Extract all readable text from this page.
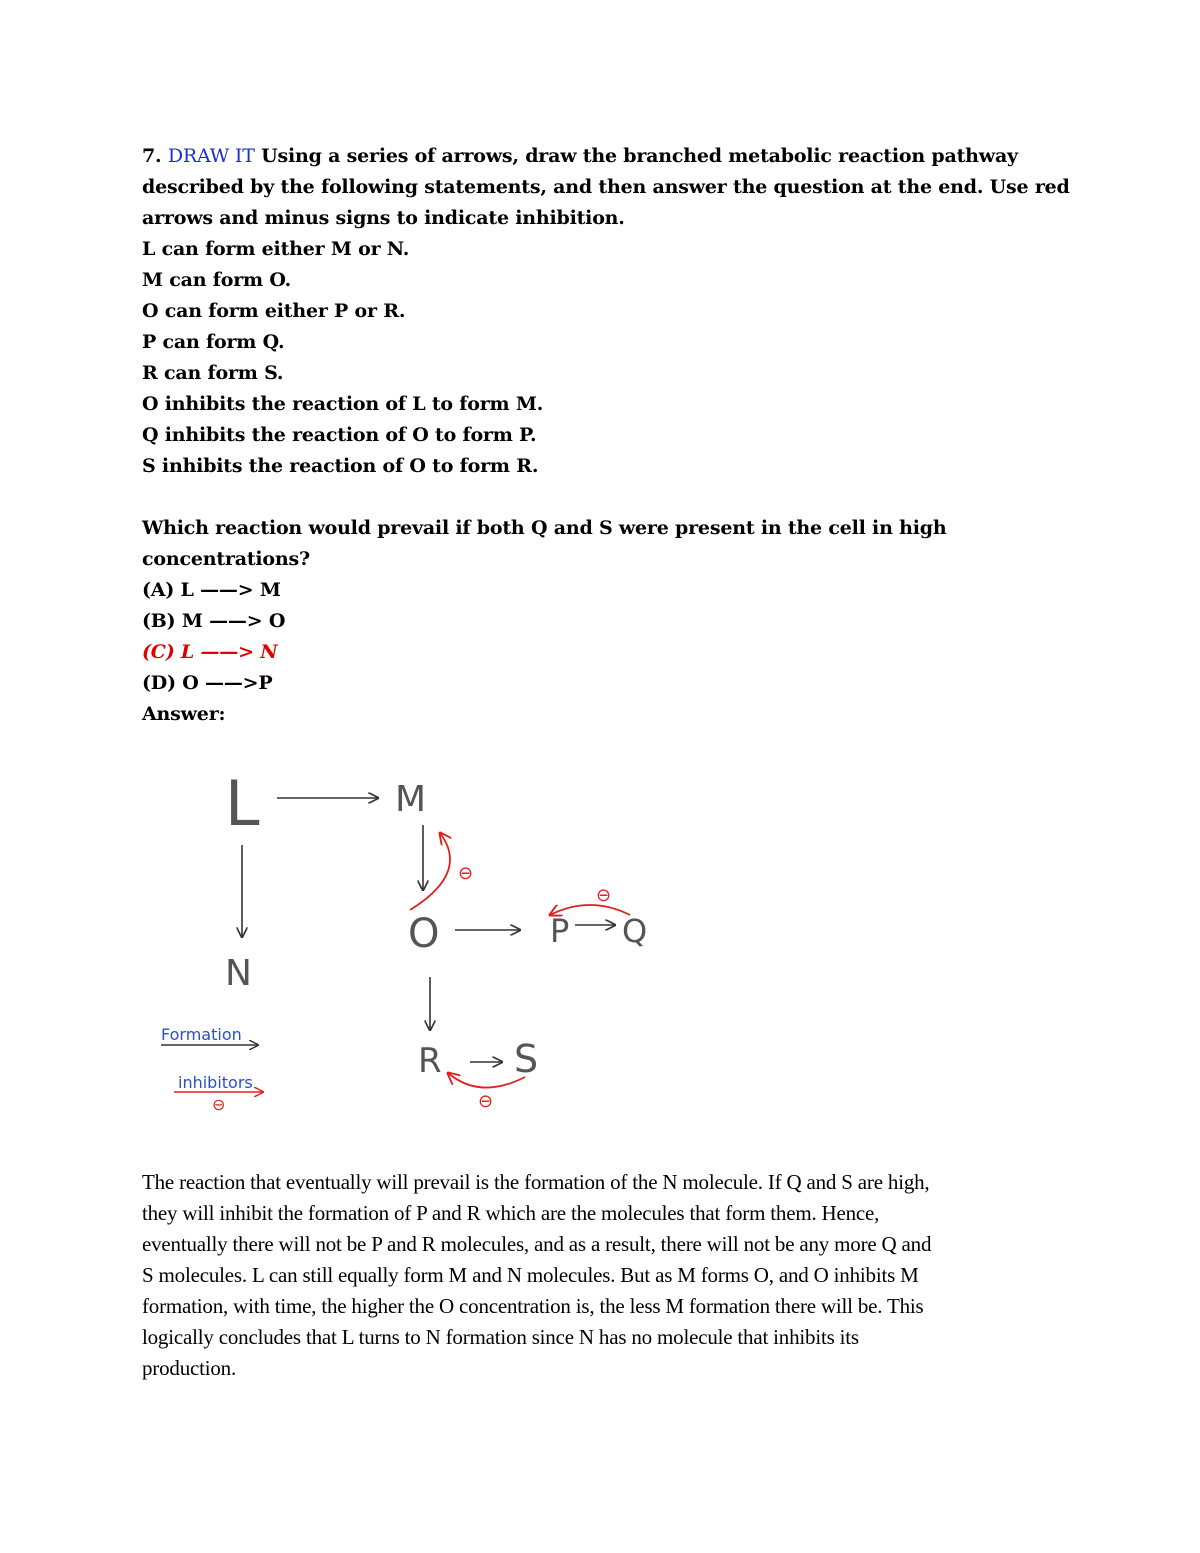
7. DRAW IT Using a series of arrows, draw the branched metabolic reaction pathway
described by the following statements, and then answer the question at the end. Use red
arrows and minus signs to indicate inhibition.
L can form either M or N.
M can form O.
O can form either P or R.
P can form Q.
R can form S.
O inhibits the reaction of L to form M.
Q inhibits the reaction of O to form P.
S inhibits the reaction of O to form R.
Which reaction would prevail if both Q and S were present in the cell in high
concentrations?
(A) L ——> M
(B) M ——> O
(C) L ——> N
(D) O ——>P
Answer:
L	M
N
O	P Q
R S
⊖
⊖
⊖
Formation
inhibitors
⊖
The reaction that eventually will prevail is the formation of the N molecule. If Q and S are high,
they will inhibit the formation of P and R which are the molecules that form them. Hence,
eventually there will not be P and R molecules, and as a result, there will not be any more Q and
S molecules. L can still equally form M and N molecules. But as M forms O, and O inhibits M
formation, with time, the higher the O concentration is, the less M formation there will be. This
logically concludes that L turns to N formation since N has no molecule that inhibits its
production.
